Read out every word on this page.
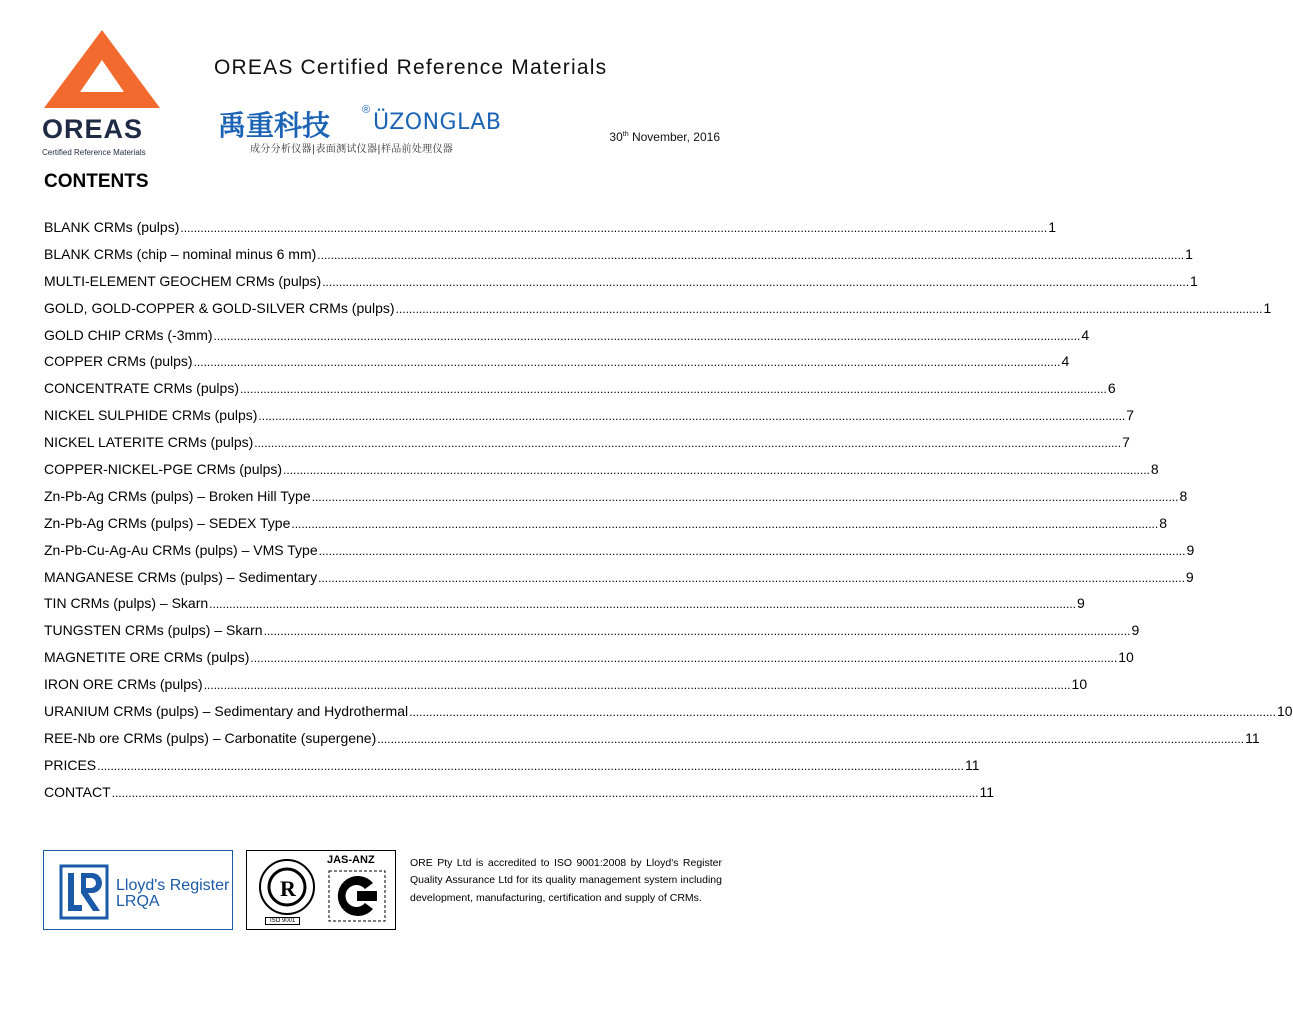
OREAS
Certified Reference Materials
OREAS Certified Reference Materials
禹重科技	® ÜZONGLAB
成分分析仪器|表面测试仪器|样品前处理仪器
30th November, 2016
CONTENTS
BLANK CRMs (pulps) .................................................................................................................................................................................................................................................................... 1
BLANK CRMs (chip – nominal minus 6 mm) .................................................................................................................................................................................................................................................................... 1
MULTI-ELEMENT GEOCHEM CRMs (pulps) .................................................................................................................................................................................................................................................................... 1
GOLD, GOLD-COPPER & GOLD-SILVER CRMs (pulps) .................................................................................................................................................................................................................................................................... 1
GOLD CHIP CRMs (-3mm) .................................................................................................................................................................................................................................................................... 4
COPPER CRMs (pulps) .................................................................................................................................................................................................................................................................... 4
CONCENTRATE CRMs (pulps) .................................................................................................................................................................................................................................................................... 6
NICKEL SULPHIDE CRMs (pulps) .................................................................................................................................................................................................................................................................... 7
NICKEL LATERITE CRMs (pulps) .................................................................................................................................................................................................................................................................... 7
COPPER-NICKEL-PGE CRMs (pulps) .................................................................................................................................................................................................................................................................... 8
Zn-Pb-Ag CRMs (pulps) – Broken Hill Type .................................................................................................................................................................................................................................................................... 8
Zn-Pb-Ag CRMs (pulps) – SEDEX Type .................................................................................................................................................................................................................................................................... 8
Zn-Pb-Cu-Ag-Au CRMs (pulps) – VMS Type .................................................................................................................................................................................................................................................................... 9
MANGANESE CRMs (pulps) – Sedimentary .................................................................................................................................................................................................................................................................... 9
TIN CRMs (pulps) – Skarn .................................................................................................................................................................................................................................................................... 9
TUNGSTEN CRMs (pulps) – Skarn .................................................................................................................................................................................................................................................................... 9
MAGNETITE ORE CRMs (pulps) .................................................................................................................................................................................................................................................................... 10
IRON ORE CRMs (pulps) .................................................................................................................................................................................................................................................................... 10
URANIUM CRMs (pulps) – Sedimentary and Hydrothermal .................................................................................................................................................................................................................................................................... 10
REE-Nb ore CRMs (pulps) – Carbonatite (supergene) .................................................................................................................................................................................................................................................................... 11
PRICES .................................................................................................................................................................................................................................................................... 11
CONTACT .................................................................................................................................................................................................................................................................... 11
Lloyd's Register
LRQA
R
JAS-ANZ
ISO 9001
ORE Pty Ltd is accredited to ISO 9001:2008 by Lloyd's Register Quality Assurance Ltd for its quality management system including development, manufacturing, certification and supply of CRMs.
